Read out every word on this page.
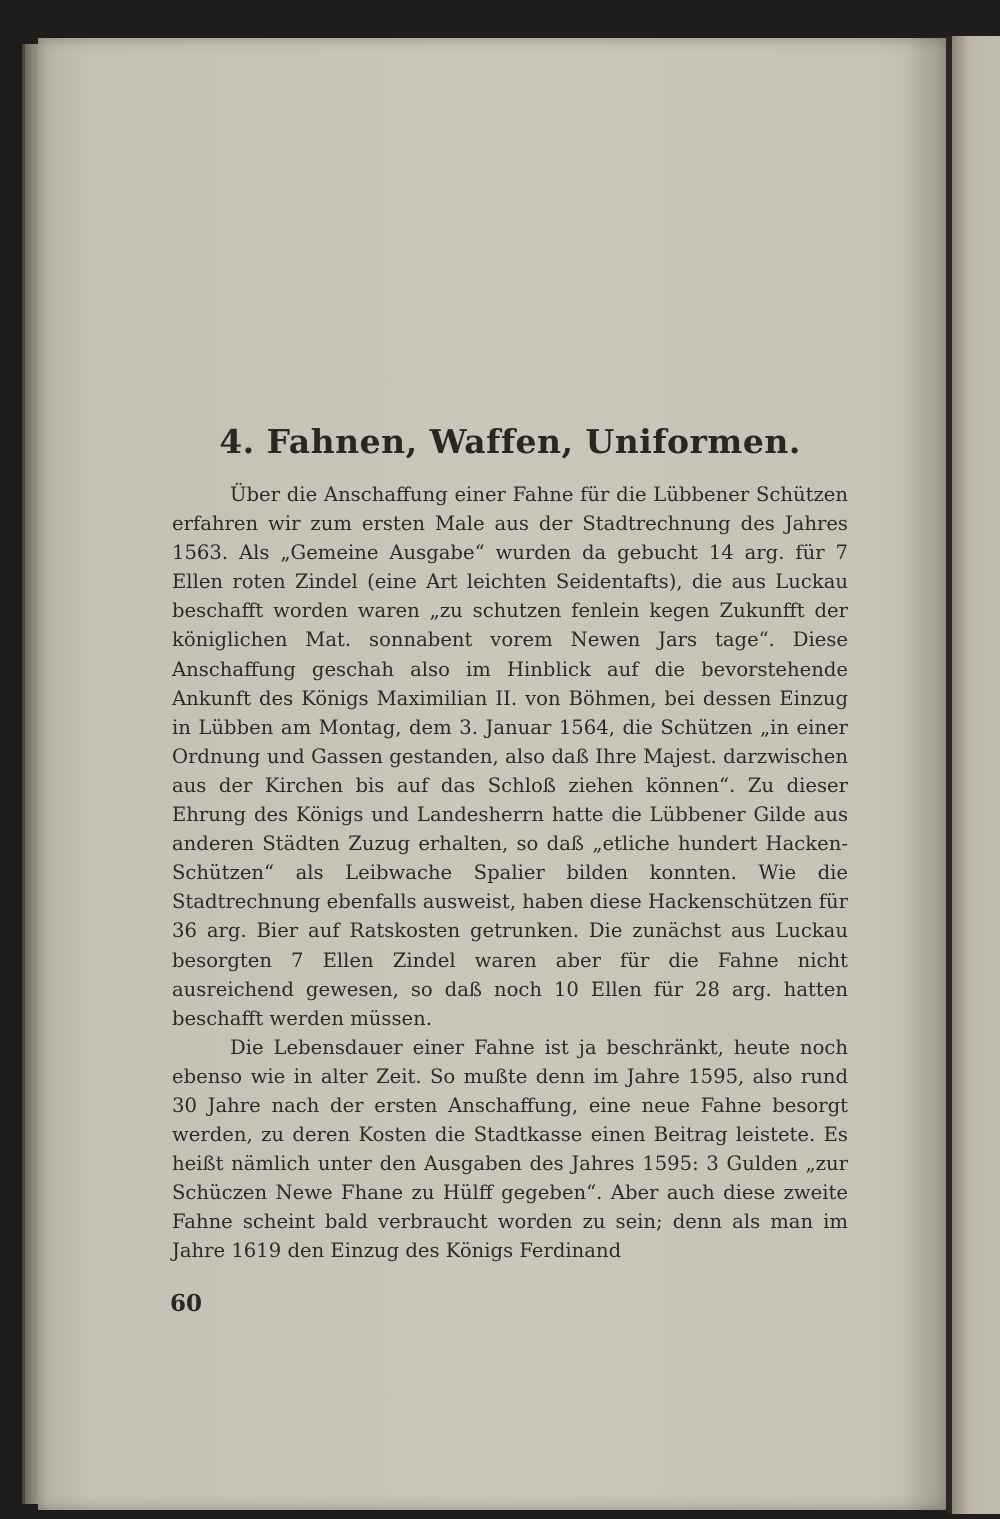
4. Fahnen, Waffen, Uniformen.

Über die Anschaffung einer Fahne für die Lübbener Schützen erfahren wir zum ersten Male aus der Stadtrechnung des Jahres 1563. Als „Gemeine Ausgabe“ wurden da gebucht 14 arg. für 7 Ellen roten Zindel (eine Art leichten Seidentafts), die aus Luckau beschafft worden waren „zu schutzen fenlein kegen Zukunfft der königlichen Mat. sonnabent vorem Newen Jars tage“. Diese Anschaffung geschah also im Hinblick auf die bevorstehende Ankunft des Königs Maximilian II. von Böhmen, bei dessen Einzug in Lübben am Montag, dem 3. Januar 1564, die Schützen „in einer Ordnung und Gassen gestanden, also daß Ihre Majest. darzwischen aus der Kirchen bis auf das Schloß ziehen können“. Zu dieser Ehrung des Königs und Landesherrn hatte die Lübbener Gilde aus anderen Städten Zuzug erhalten, so daß „etliche hundert Hacken-Schützen“ als Leibwache Spalier bilden konnten. Wie die Stadtrechnung ebenfalls ausweist, haben diese Hackenschützen für 36 arg. Bier auf Ratskosten getrunken. Die zunächst aus Luckau besorgten 7 Ellen Zindel waren aber für die Fahne nicht ausreichend gewesen, so daß noch 10 Ellen für 28 arg. hatten beschafft werden müssen.

Die Lebensdauer einer Fahne ist ja beschränkt, heute noch ebenso wie in alter Zeit. So mußte denn im Jahre 1595, also rund 30 Jahre nach der ersten Anschaffung, eine neue Fahne besorgt werden, zu deren Kosten die Stadtkasse einen Beitrag leistete. Es heißt nämlich unter den Ausgaben des Jahres 1595: 3 Gulden „zur Schüczen Newe Fhane zu Hülff gegeben“. Aber auch diese zweite Fahne scheint bald verbraucht worden zu sein; denn als man im Jahre 1619 den Einzug des Königs Ferdinand

60
